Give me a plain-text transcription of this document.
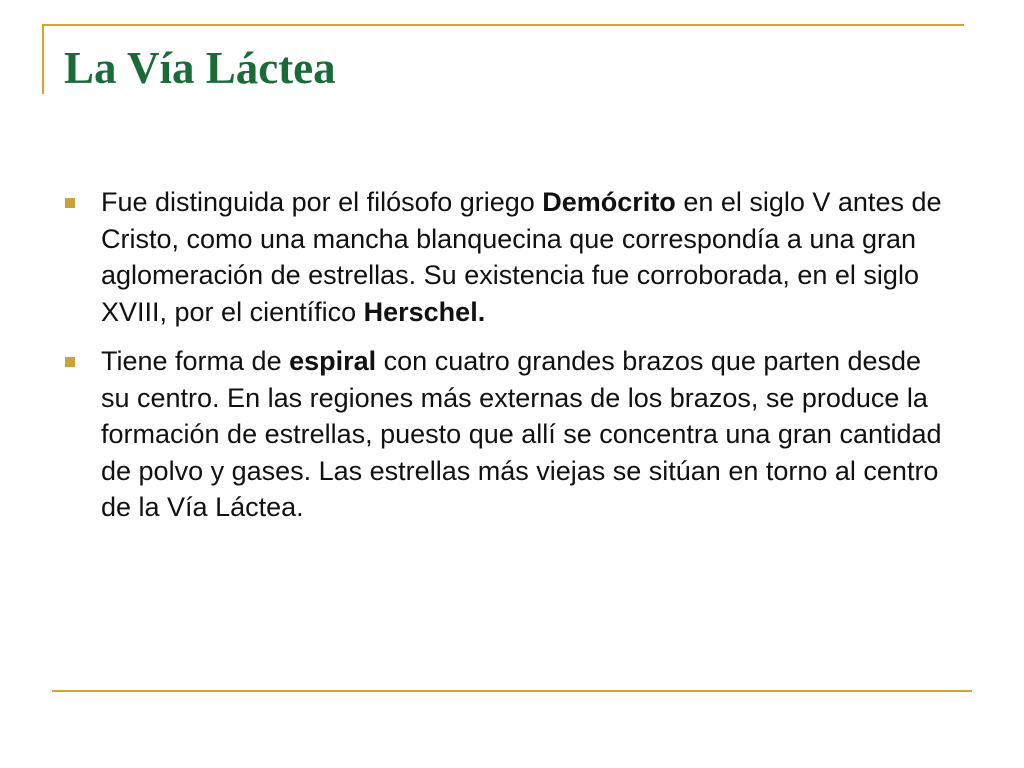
La Vía Láctea
Fue distinguida por el filósofo griego Demócrito en el siglo V antes de Cristo, como una mancha blanquecina que correspondía a una gran aglomeración de estrellas. Su existencia fue corroborada, en el siglo XVIII, por el científico Herschel.
Tiene forma de espiral con cuatro grandes brazos que parten desde su centro. En las regiones más externas de los brazos, se produce la formación de estrellas, puesto que allí se concentra una gran cantidad de polvo y gases. Las estrellas más viejas se sitúan en torno al centro de la Vía Láctea.
